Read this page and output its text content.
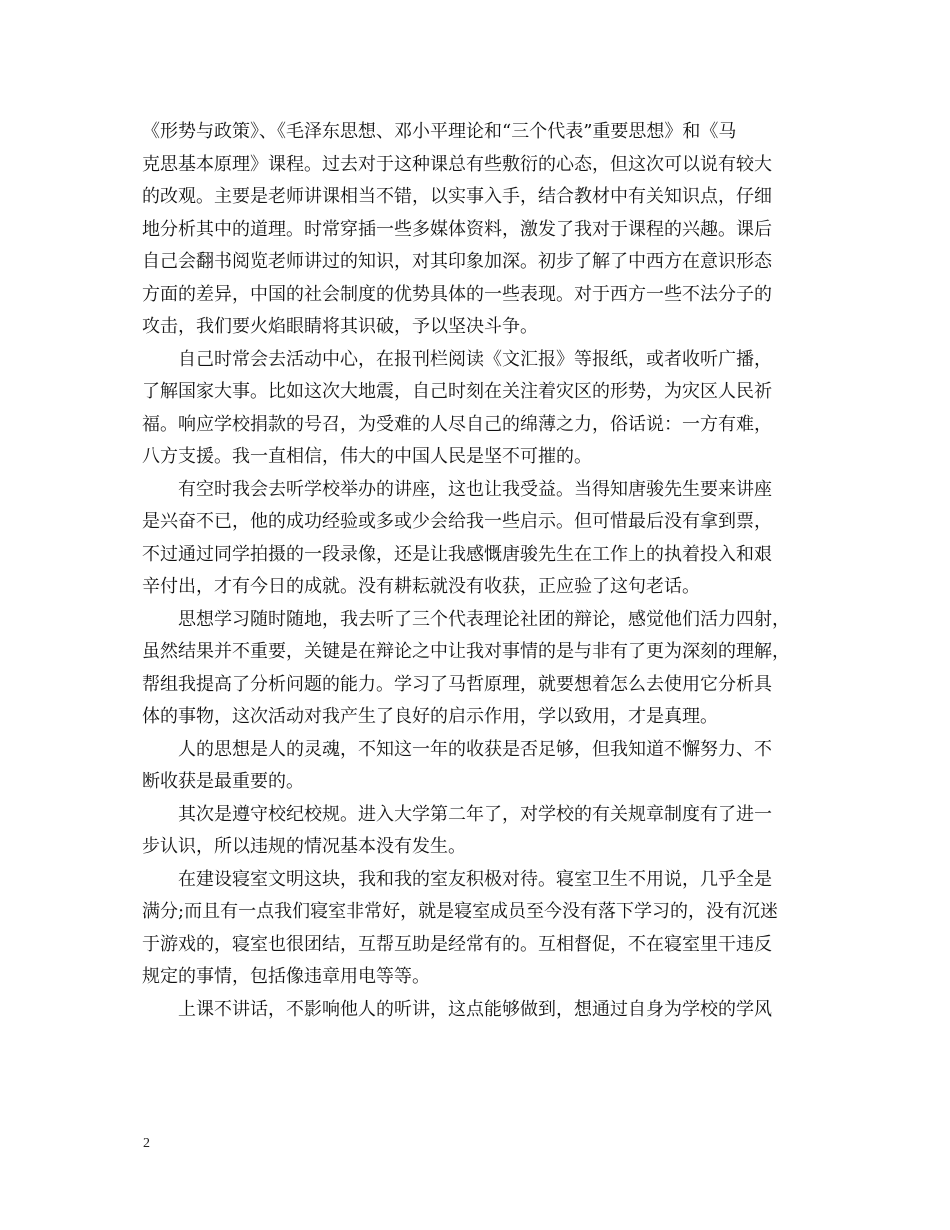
《形势与政策》、《毛泽东思想、邓小平理论和“三个代表”重要思想》和《马
克思基本原理》课程。过去对于这种课总有些敷衍的心态，但这次可以说有较大
的改观。主要是老师讲课相当不错，以实事入手，结合教材中有关知识点，仔细
地分析其中的道理。时常穿插一些多媒体资料，激发了我对于课程的兴趣。课后
自己会翻书阅览老师讲过的知识，对其印象加深。初步了解了中西方在意识形态
方面的差异，中国的社会制度的优势具体的一些表现。对于西方一些不法分子的
攻击，我们要火焰眼睛将其识破，予以坚决斗争。
自己时常会去活动中心，在报刊栏阅读《文汇报》等报纸，或者收听广播，
了解国家大事。比如这次大地震，自己时刻在关注着灾区的形势，为灾区人民祈
福。响应学校捐款的号召，为受难的人尽自己的绵薄之力，俗话说：一方有难，
八方支援。我一直相信，伟大的中国人民是坚不可摧的。
有空时我会去听学校举办的讲座，这也让我受益。当得知唐骏先生要来讲座
是兴奋不已，他的成功经验或多或少会给我一些启示。但可惜最后没有拿到票，
不过通过同学拍摄的一段录像，还是让我感慨唐骏先生在工作上的执着投入和艰
辛付出，才有今日的成就。没有耕耘就没有收获，正应验了这句老话。
思想学习随时随地，我去听了三个代表理论社团的辩论，感觉他们活力四射，
虽然结果并不重要，关键是在辩论之中让我对事情的是与非有了更为深刻的理解，
帮组我提高了分析问题的能力。学习了马哲原理，就要想着怎么去使用它分析具
体的事物，这次活动对我产生了良好的启示作用，学以致用，才是真理。
人的思想是人的灵魂，不知这一年的收获是否足够，但我知道不懈努力、不
断收获是最重要的。
其次是遵守校纪校规。进入大学第二年了，对学校的有关规章制度有了进一
步认识，所以违规的情况基本没有发生。
在建设寝室文明这块，我和我的室友积极对待。寝室卫生不用说，几乎全是
满分;而且有一点我们寝室非常好，就是寝室成员至今没有落下学习的，没有沉迷
于游戏的，寝室也很团结，互帮互助是经常有的。互相督促，不在寝室里干违反
规定的事情，包括像违章用电等等。
上课不讲话，不影响他人的听讲，这点能够做到，想通过自身为学校的学风
2
